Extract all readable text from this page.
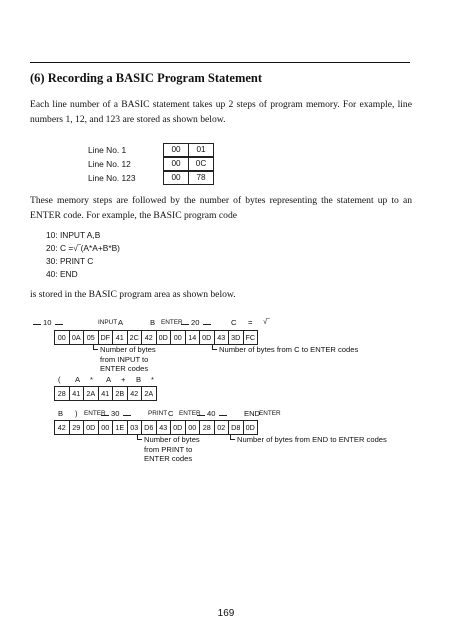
(6) Recording a BASIC Program Statement
Each line number of a BASIC statement takes up 2 steps of program memory. For example, line numbers 1, 12, and 123 are stored as shown below.
Line No. 1	00	01
Line No. 12	00	0C
Line No. 123	00	78
These memory steps are followed by the number of bytes representing the statement up to an ENTER code. For example, the BASIC program code
10: INPUT A,B
20: C =√‾(A*A+B*B)
30: PRINT C
40: END
is stored in the BASIC program area as shown below.
10	INPUT A	B ENTER 20	C = √‾
00 0A 05 DF 41 2C 42 0D 00 14 0D 43 3D FC
Number of bytes
from INPUT to
ENTER codes
Number of bytes from C to ENTER codes
( A * A + B *
28 41 2A 41 2B 42 2A
B ) ENTER 30	PRINT C ENTER 40	END
ENTER
42 29 0D 00 1E 03 D6 43 0D 00 28 02 D8 0D
Number of bytes
from PRINT to
ENTER codes
Number of bytes from END to ENTER codes
169
